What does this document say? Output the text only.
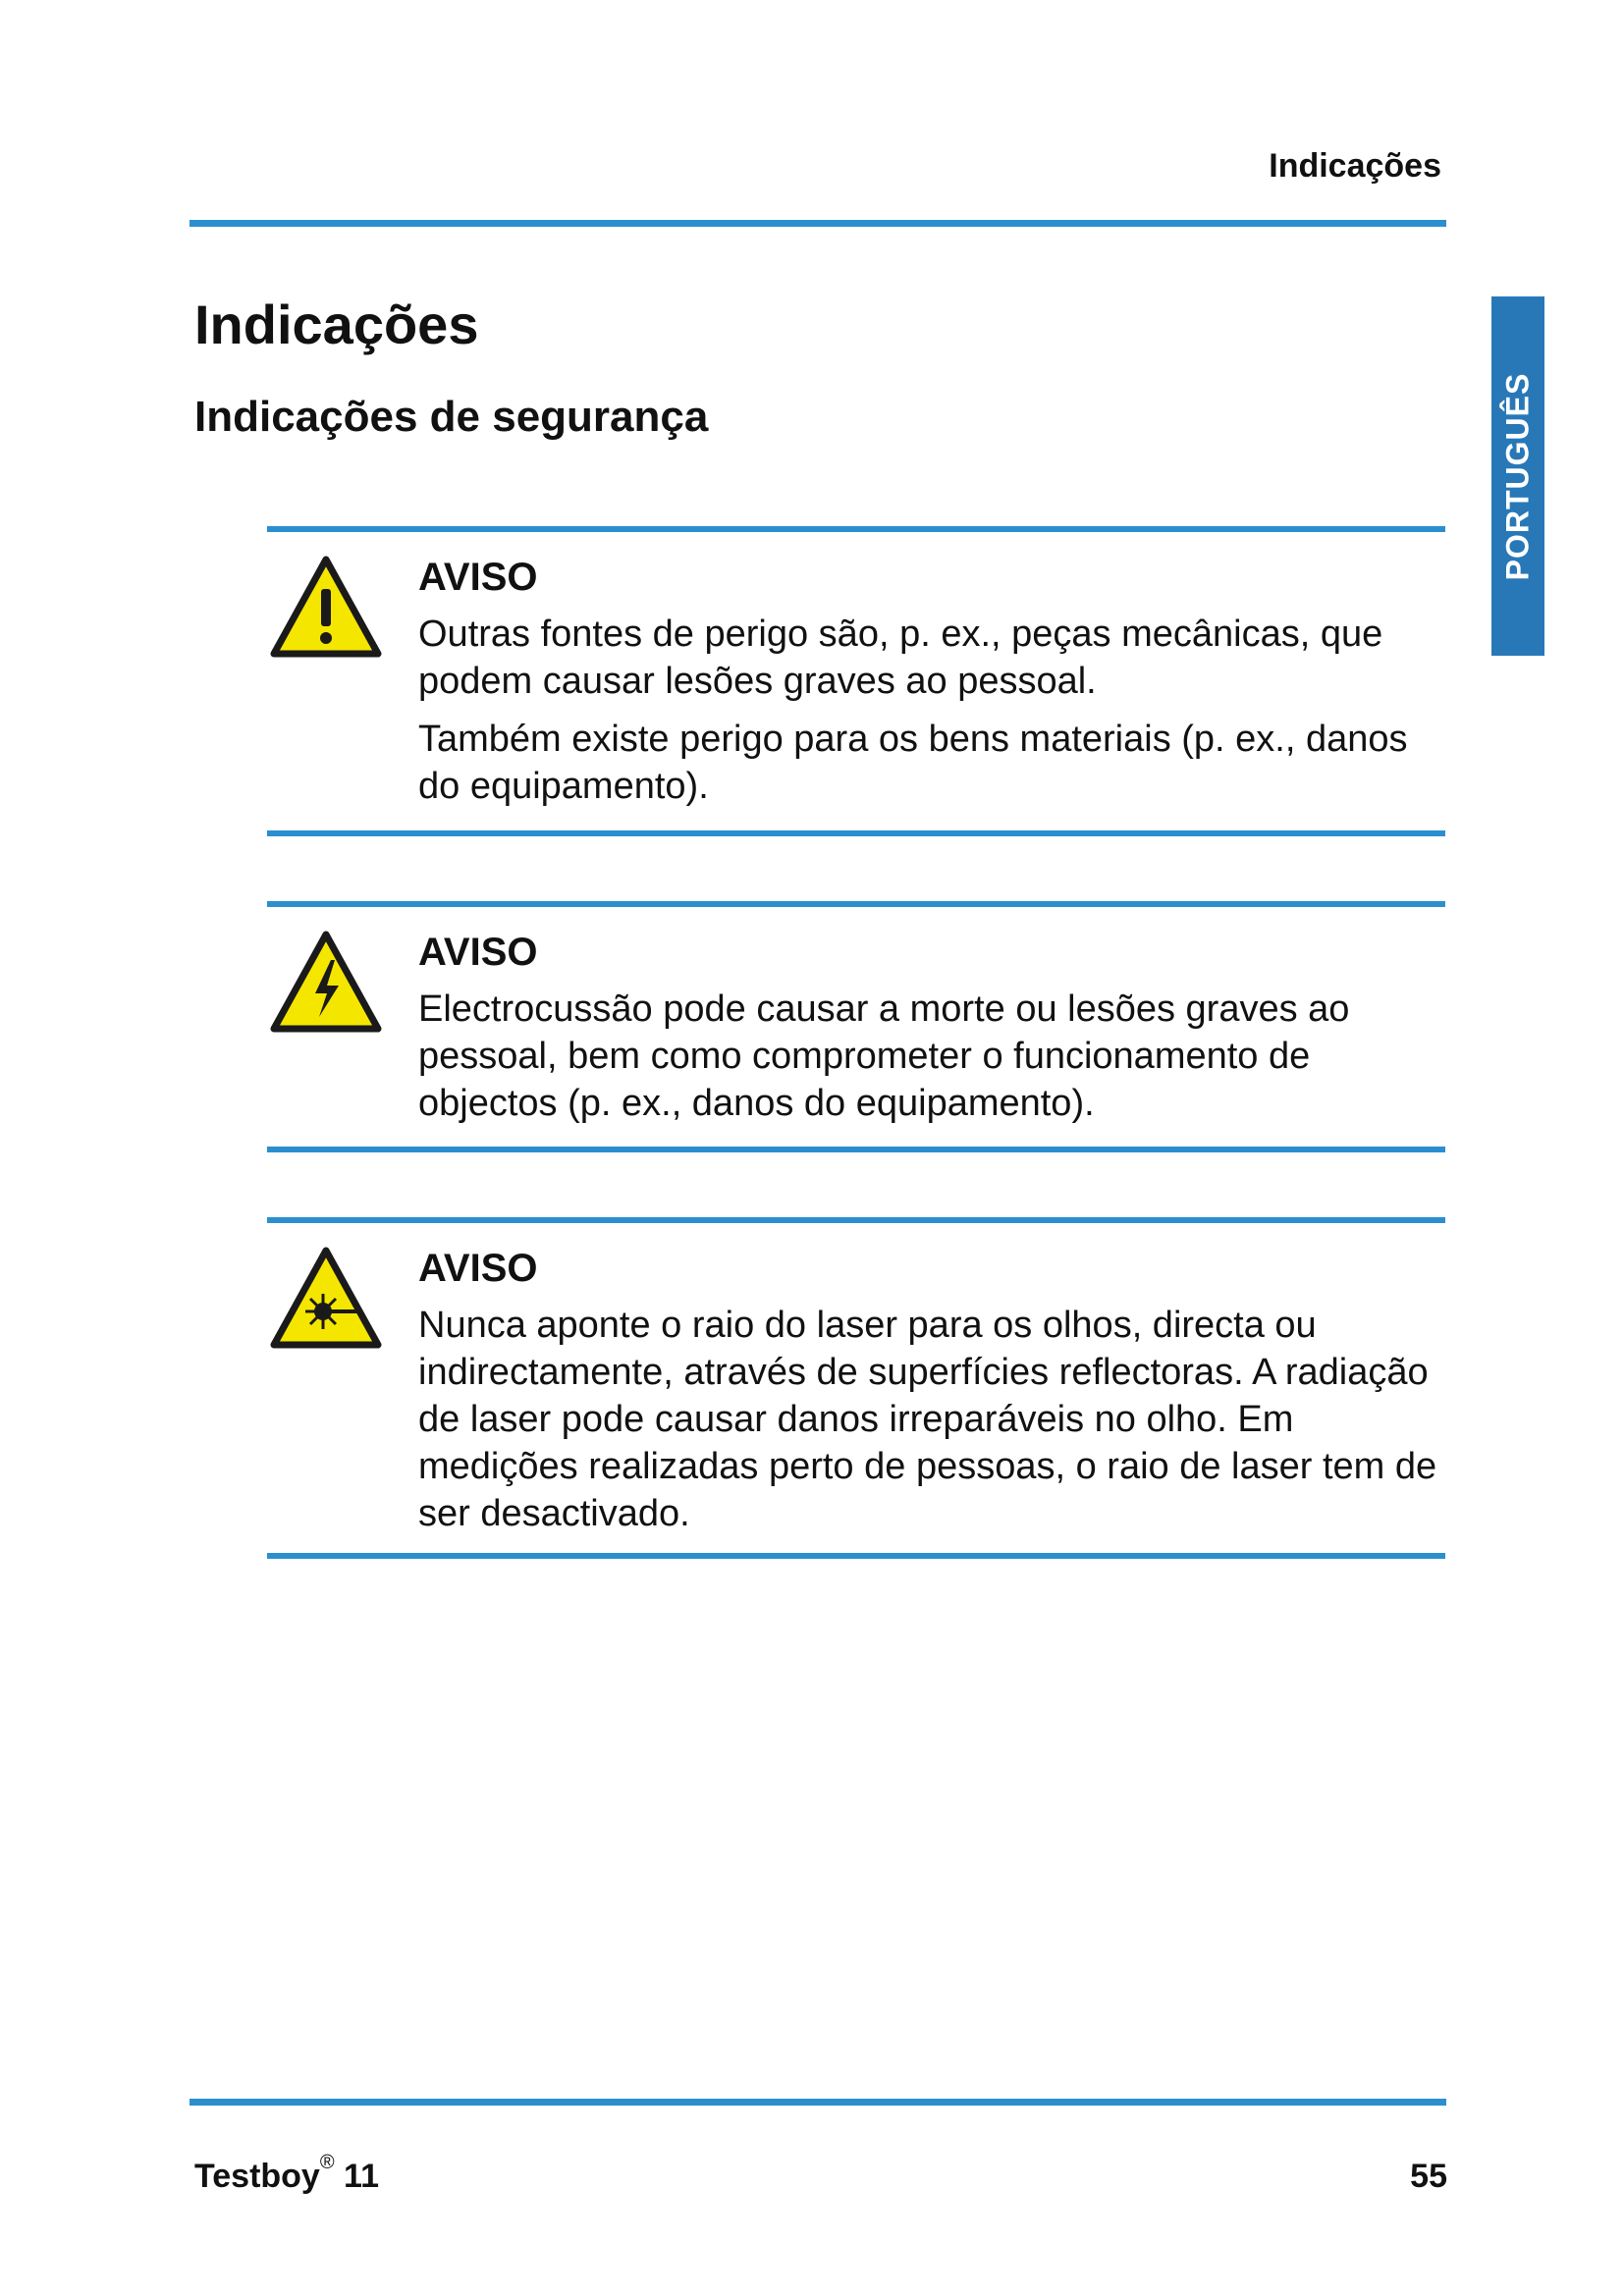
Indicações
PORTUGUÊS
Indicações
Indicações de segurança
AVISO

Outras fontes de perigo são, p. ex., peças mecânicas, que podem causar lesões graves ao pessoal.

Também existe perigo para os bens materiais (p. ex., danos do equipamento).

AVISO

Electrocussão pode causar a morte ou lesões graves ao pessoal, bem como comprometer o funcionamento de objectos (p. ex., danos do equipamento).

AVISO

Nunca aponte o raio do laser para os olhos, directa ou indirectamente, através de superfícies reflectoras. A radiação de laser pode causar danos irreparáveis no olho. Em medições realizadas perto de pessoas, o raio de laser tem de ser desactivado.

Testboy® 11	55
